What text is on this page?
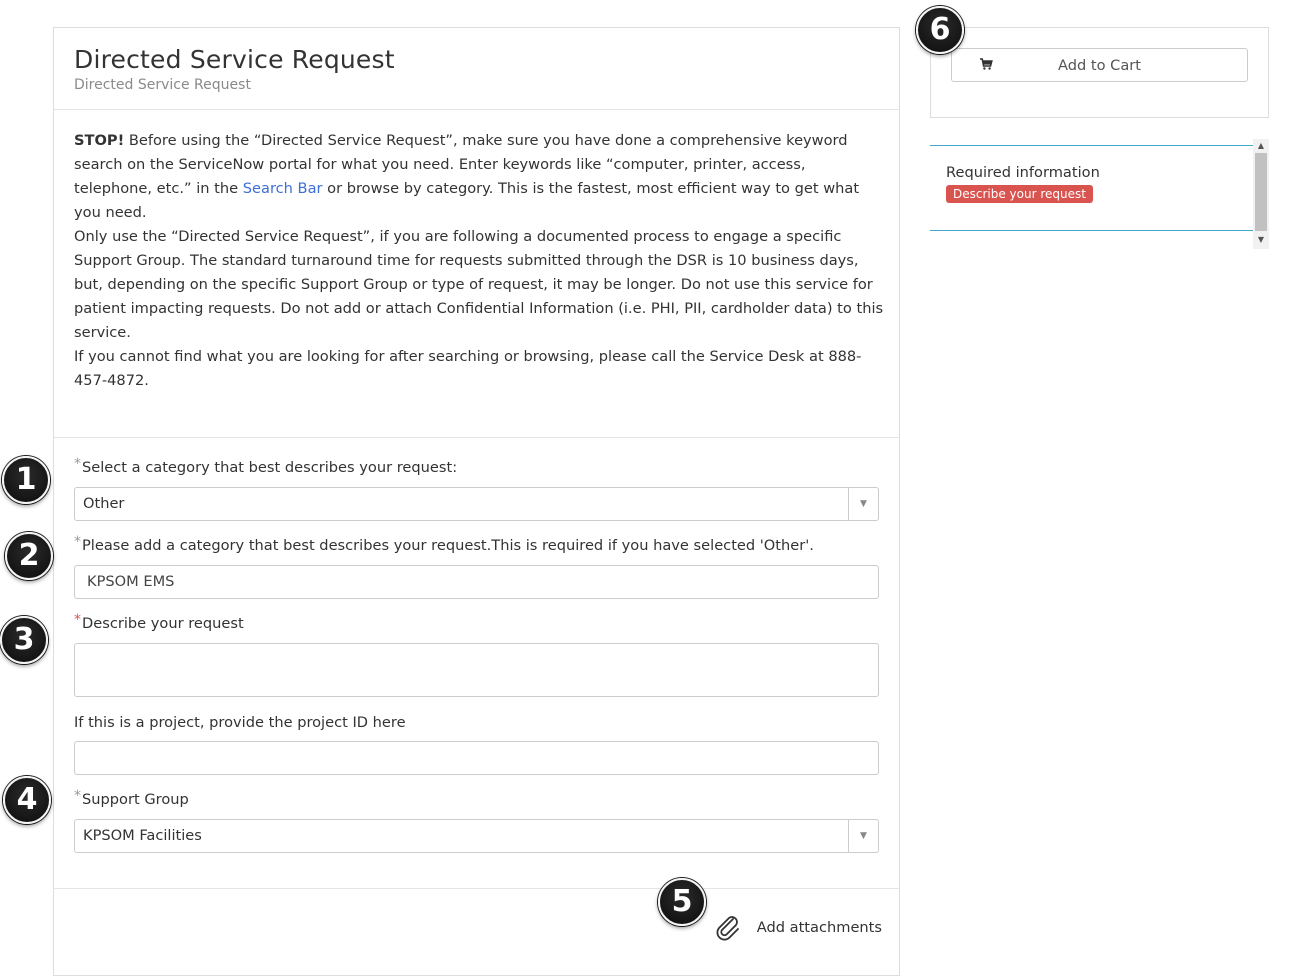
Directed Service Request
Directed Service Request

STOP! Before using the “Directed Service Request”, make sure you have done a comprehensive keyword search on the ServiceNow portal for what you need. Enter keywords like “computer, printer, access, telephone, etc.” in the Search Bar or browse by category. This is the fastest, most efficient way to get what you need.

Only use the “Directed Service Request”, if you are following a documented process to engage a specific Support Group. The standard turnaround time for requests submitted through the DSR is 10 business days, but, depending on the specific Support Group or type of request, it may be longer. Do not use this service for patient impacting requests. Do not add or attach Confidential Information (i.e. PHI, PII, cardholder data) to this service.

If you cannot find what you are looking for after searching or browsing, please call the Service Desk at 888-457-4872.

*Select a category that best describes your request:
Other	▼
*Please add a category that best describes your request.This is required if you have selected 'Other'.
KPSOM EMS
*Describe your request
If this is a project, provide the project ID here
*Support Group
KPSOM Facilities	▼
Add attachments
Add to Cart
Required information
Describe your request
▲
▼
1
2
3
4
5
6
